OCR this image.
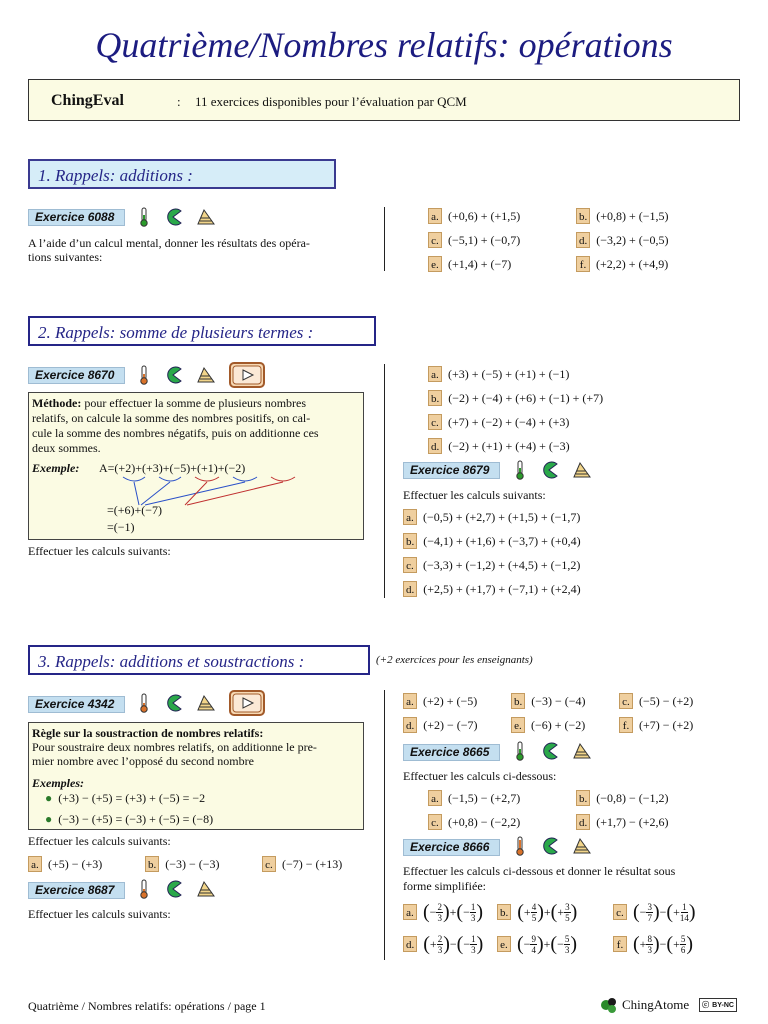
Quatrième/Nombres relatifs: opérations
ChingEval	: 11 exercices disponibles pour l’évaluation par QCM
1. Rappels: additions :
Exercice 6088

A l’aide d’un calcul mental, donner les résultats des opéra-
tions suivantes:
a. (+0,6) + (+1,5)	b. (+0,8) + (−1,5)
c. (−5,1) + (−0,7)	d. (−3,2) + (−0,5)
e. (+1,4) + (−7)	f. (+2,2) + (+4,9)
2. Rappels: somme de plusieurs termes :
Exercice 8670

Méthode: pour effectuer la somme de plusieurs nombres
relatifs, on calcule la somme des nombres positifs, on cal-
cule la somme des nombres négatifs, puis on additionne ces
deux sommes.
Exemple: A=(+2)+(+3)+(−5)+(+1)+(−2)
=(+6)+(−7)
=(−1)
Effectuer les calculs suivants:
a. (+3) + (−5) + (+1) + (−1)
b. (−2) + (−4) + (+6) + (−1) + (+7)
c. (+7) + (−2) + (−4) + (+3)
d. (−2) + (+1) + (+4) + (−3)
Exercice 8679

Effectuer les calculs suivants:
a. (−0,5) + (+2,7) + (+1,5) + (−1,7)
b. (−4,1) + (+1,6) + (−3,7) + (+0,4)
c. (−3,3) + (−1,2) + (+4,5) + (−1,2)
d. (+2,5) + (+1,7) + (−7,1) + (+2,4)
3. Rappels: additions et soustractions :	(+2 exercices pour les enseignants)
Exercice 4342

Règle sur la soustraction de nombres relatifs:
Pour soustraire deux nombres relatifs, on additionne le pre-
mier nombre avec l’opposé du second nombre
Exemples:
● (+3) − (+5) = (+3) + (−5) = −2
● (−3) − (+5) = (−3) + (−5) = (−8)
Effectuer les calculs suivants:
a. (+5) − (+3)	b. (−3) − (−3)	c. (−7) − (+13)
Exercice 8687

Effectuer les calculs suivants:
a. (+2) + (−5)	b. (−3) − (−4)	c. (−5) − (+2)
d. (+2) − (−7)	e. (−6) + (−2)	f. (+7) − (+2)
Exercice 8665

Effectuer les calculs ci-dessous:
a. (−1,5) − (+2,7)	b. (−0,8) − (−1,2)
c. (+0,8) − (−2,2)	d. (+1,7) − (+2,6)
Exercice 8666

Effectuer les calculs ci-dessous et donner le résultat sous
forme simplifiée:
a. ( − $\frac{2}{3}$ ) + ( − $\frac{1}{3}$ ) b. ( + $\frac{4}{5}$ ) + ( + $\frac{3}{5}$ )	c. ( − $\frac{3}{7}$ ) − ( + $\frac{1}{14}$ )
d. ( + $\frac{2}{3}$ ) − ( − $\frac{1}{3}$ ) e. ( − $\frac{9}{4}$ ) + ( − $\frac{5}{3}$ )	f. ( + $\frac{8}{3}$ ) − ( + $\frac{5}{6}$ )
Quatrième / Nombres relatifs: opérations / page 1	ChingAtome ⓒ BY-NC
